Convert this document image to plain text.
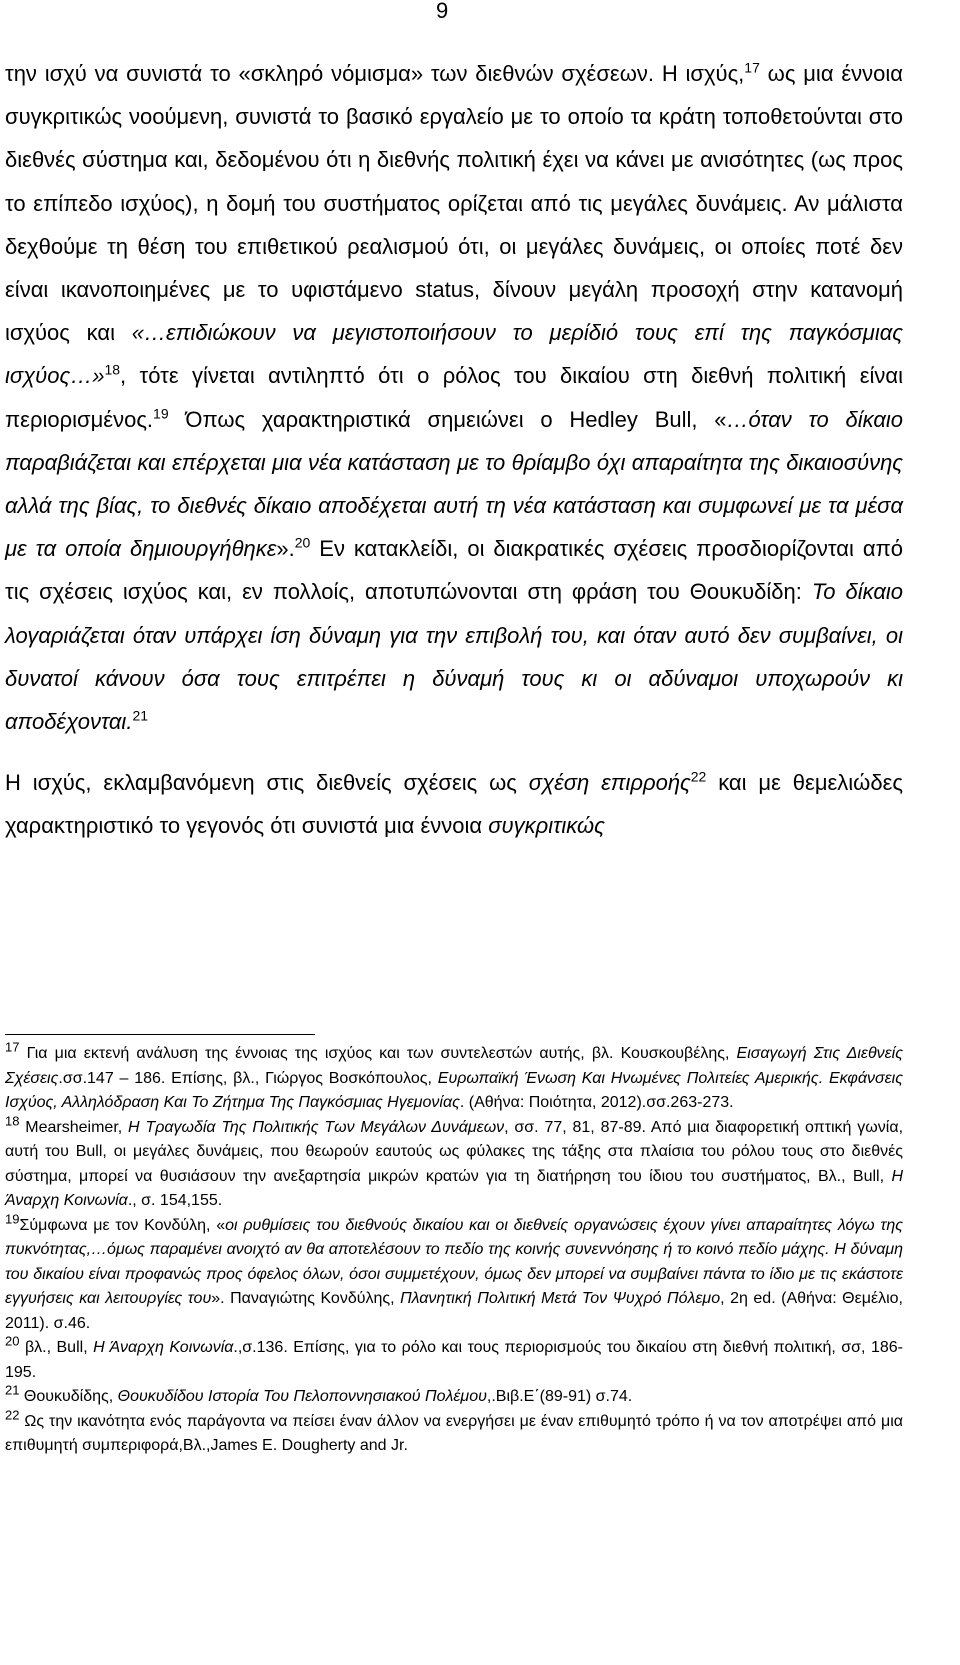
9

την ισχύ να συνιστά το «σκληρό νόμισμα» των διεθνών σχέσεων. Η ισχύς,$^{17}$ ως μια έννοια συγκριτικώς νοούμενη, συνιστά το βασικό εργαλείο με το οποίο τα κράτη τοποθετούνται στο διεθνές σύστημα και, δεδομένου ότι η διεθνής πολιτική έχει να κάνει με ανισότητες (ως προς το επίπεδο ισχύος), η δομή του συστήματος ορίζεται από τις μεγάλες δυνάμεις. Αν μάλιστα δεχθούμε τη θέση του επιθετικού ρεαλισμού ότι, οι μεγάλες δυνάμεις, οι οποίες ποτέ δεν είναι ικανοποιημένες με το υφιστάμενο status, δίνουν μεγάλη προσοχή στην κατανομή ισχύος και «…επιδιώκουν να μεγιστοποιήσουν το μερίδιό τους επί της παγκόσμιας ισχύος…»$^{18}$, τότε γίνεται αντιληπτό ότι ο ρόλος του δικαίου στη διεθνή πολιτική είναι περιορισμένος.$^{19}$ Όπως χαρακτηριστικά σημειώνει ο Hedley Bull, «…όταν το δίκαιο παραβιάζεται και επέρχεται μια νέα κατάσταση με το θρίαμβο όχι απαραίτητα της δικαιοσύνης αλλά της βίας, το διεθνές δίκαιο αποδέχεται αυτή τη νέα κατάσταση και συμφωνεί με τα μέσα με τα οποία δημιουργήθηκε».$^{20}$ Εν κατακλείδι, οι διακρατικές σχέσεις προσδιορίζονται από τις σχέσεις ισχύος και, εν πολλοίς, αποτυπώνονται στη φράση του Θουκυδίδη: Το δίκαιο λογαριάζεται όταν υπάρχει ίση δύναμη για την επιβολή του, και όταν αυτό δεν συμβαίνει, οι δυνατοί κάνουν όσα τους επιτρέπει η δύναμή τους κι οι αδύναμοι υποχωρούν κι αποδέχονται.$^{21}$

Η ισχύς, εκλαμβανόμενη στις διεθνείς σχέσεις ως σχέση επιρροής$^{22}$ και με θεμελιώδες χαρακτηριστικό το γεγονός ότι συνιστά μια έννοια συγκριτικώς

$^{17}$ Για μια εκτενή ανάλυση της έννοιας της ισχύος και των συντελεστών αυτής, βλ. Κουσκουβέλης, Εισαγωγή Στις Διεθνείς Σχέσεις.σσ.147 – 186. Επίσης, βλ., Γιώργος Βοσκόπουλος, Ευρωπαϊκή Ένωση Και Ηνωμένες Πολιτείες Αμερικής. Εκφάνσεις Ισχύος, Αλληλόδραση Και Το Ζήτημα Της Παγκόσμιας Ηγεμονίας. (Αθήνα: Ποιότητα, 2012).σσ.263-273.

$^{18}$ Mearsheimer, Η Τραγωδία Της Πολιτικής Των Μεγάλων Δυνάμεων, σσ. 77, 81, 87-89. Από μια διαφορετική οπτική γωνία, αυτή του Bull, οι μεγάλες δυνάμεις, που θεωρούν εαυτούς ως φύλακες της τάξης στα πλαίσια του ρόλου τους στο διεθνές σύστημα, μπορεί να θυσιάσουν την ανεξαρτησία μικρών κρατών για τη διατήρηση του ίδιου του συστήματος, Βλ., Bull, Η Άναρχη Κοινωνία., σ. 154,155.

$^{19}$Σύμφωνα με τον Κονδύλη, «οι ρυθμίσεις του διεθνούς δικαίου και οι διεθνείς οργανώσεις έχουν γίνει απαραίτητες λόγω της πυκνότητας,…όμως παραμένει ανοιχτό αν θα αποτελέσουν το πεδίο της κοινής συνεννόησης ή το κοινό πεδίο μάχης. Η δύναμη του δικαίου είναι προφανώς προς όφελος όλων, όσοι συμμετέχουν, όμως δεν μπορεί να συμβαίνει πάντα το ίδιο με τις εκάστοτε εγγυήσεις και λειτουργίες του». Παναγιώτης Κονδύλης, Πλανητική Πολιτική Μετά Τον Ψυχρό Πόλεμο, 2η ed. (Αθήνα: Θεμέλιο, 2011). σ.46.

$^{20}$ βλ., Bull, Η Άναρχη Κοινωνία.,σ.136. Επίσης, για το ρόλο και τους περιορισμούς του δικαίου στη διεθνή πολιτική, σσ, 186-195.

$^{21}$ Θουκυδίδης, Θουκυδίδου Ιστορία Του Πελοποννησιακού Πολέμου,.Βιβ.Ε΄(89-91) σ.74.

$^{22}$ Ως την ικανότητα ενός παράγοντα να πείσει έναν άλλον να ενεργήσει με έναν επιθυμητό τρόπο ή να τον αποτρέψει από μια επιθυμητή συμπεριφορά,Βλ.,James E. Dougherty and Jr.
